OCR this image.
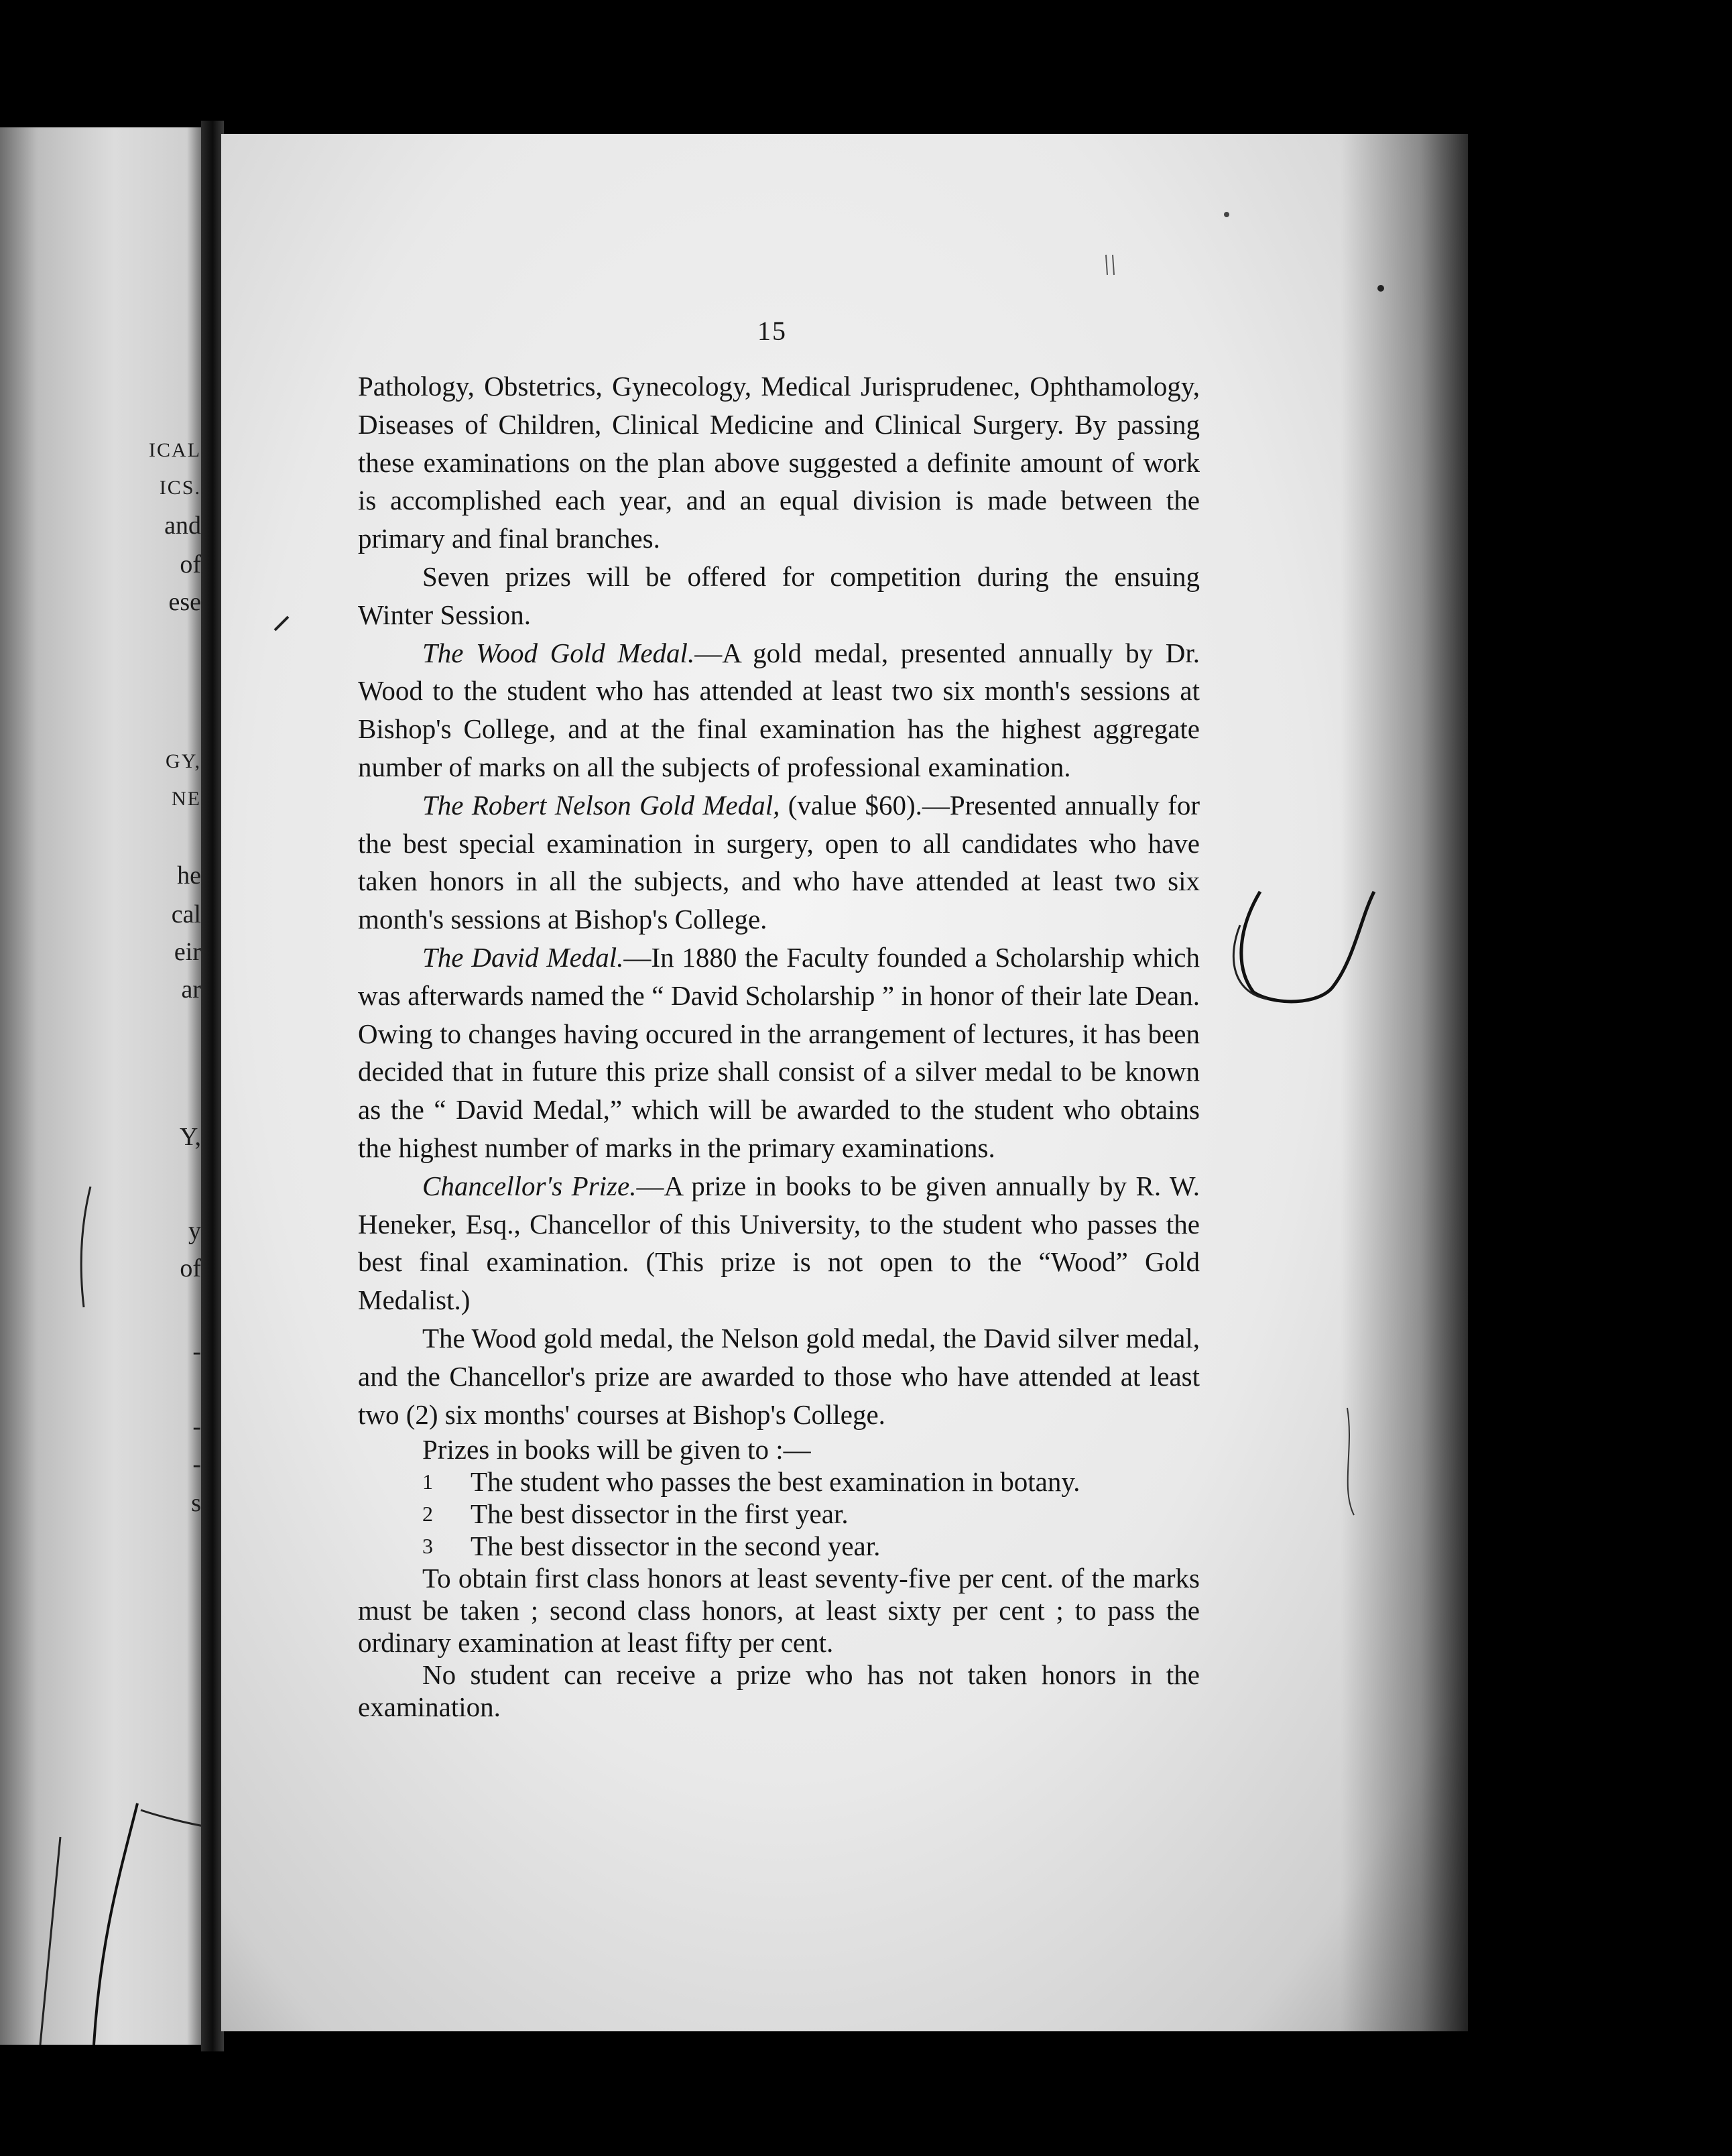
ICAL
ICS.
and
of
ese
GY,
NE
he
cal
eir
ar
Y,
y
of
-
-
-
s
15

Pathology, Obstetrics, Gynecology, Medical Jurisprudenec, Ophthamology, Diseases of Children, Clinical Medicine and Clinical Surgery. By passing these examinations on the plan above suggested a definite amount of work is accomplished each year, and an equal division is made between the primary and final branches.

Seven prizes will be offered for competition during the ensuing Winter Session.

The Wood Gold Medal.—A gold medal, presented annually by Dr. Wood to the student who has attended at least two six month's sessions at Bishop's College, and at the final examination has the highest aggregate number of marks on all the subjects of professional examination.

The Robert Nelson Gold Medal, (value $60).—Presented annually for the best special examination in surgery, open to all candidates who have taken honors in all the subjects, and who have attended at least two six month's sessions at Bishop's College.

The David Medal.—In 1880 the Faculty founded a Scholarship which was afterwards named the “ David Scholarship ” in honor of their late Dean. Owing to changes having occured in the arrangement of lectures, it has been decided that in future this prize shall consist of a silver medal to be known as the “ David Medal,” which will be awarded to the student who obtains the highest number of marks in the primary examinations.

Chancellor's Prize.—A prize in books to be given annually by R. W. Heneker, Esq., Chancellor of this University, to the student who passes the best final examination. (This prize is not open to the “Wood” Gold Medalist.)

The Wood gold medal, the Nelson gold medal, the David silver medal, and the Chancellor's prize are awarded to those who have attended at least two (2) six months' courses at Bishop's College.

Prizes in books will be given to :—

1	The student who passes the best examination in botany.
2	The best dissector in the first year.
3	The best dissector in the second year.

To obtain first class honors at least seventy-five per cent. of the marks must be taken ; second class honors, at least sixty per cent ; to pass the ordinary examination at least fifty per cent.

No student can receive a prize who has not taken honors in the examination.
